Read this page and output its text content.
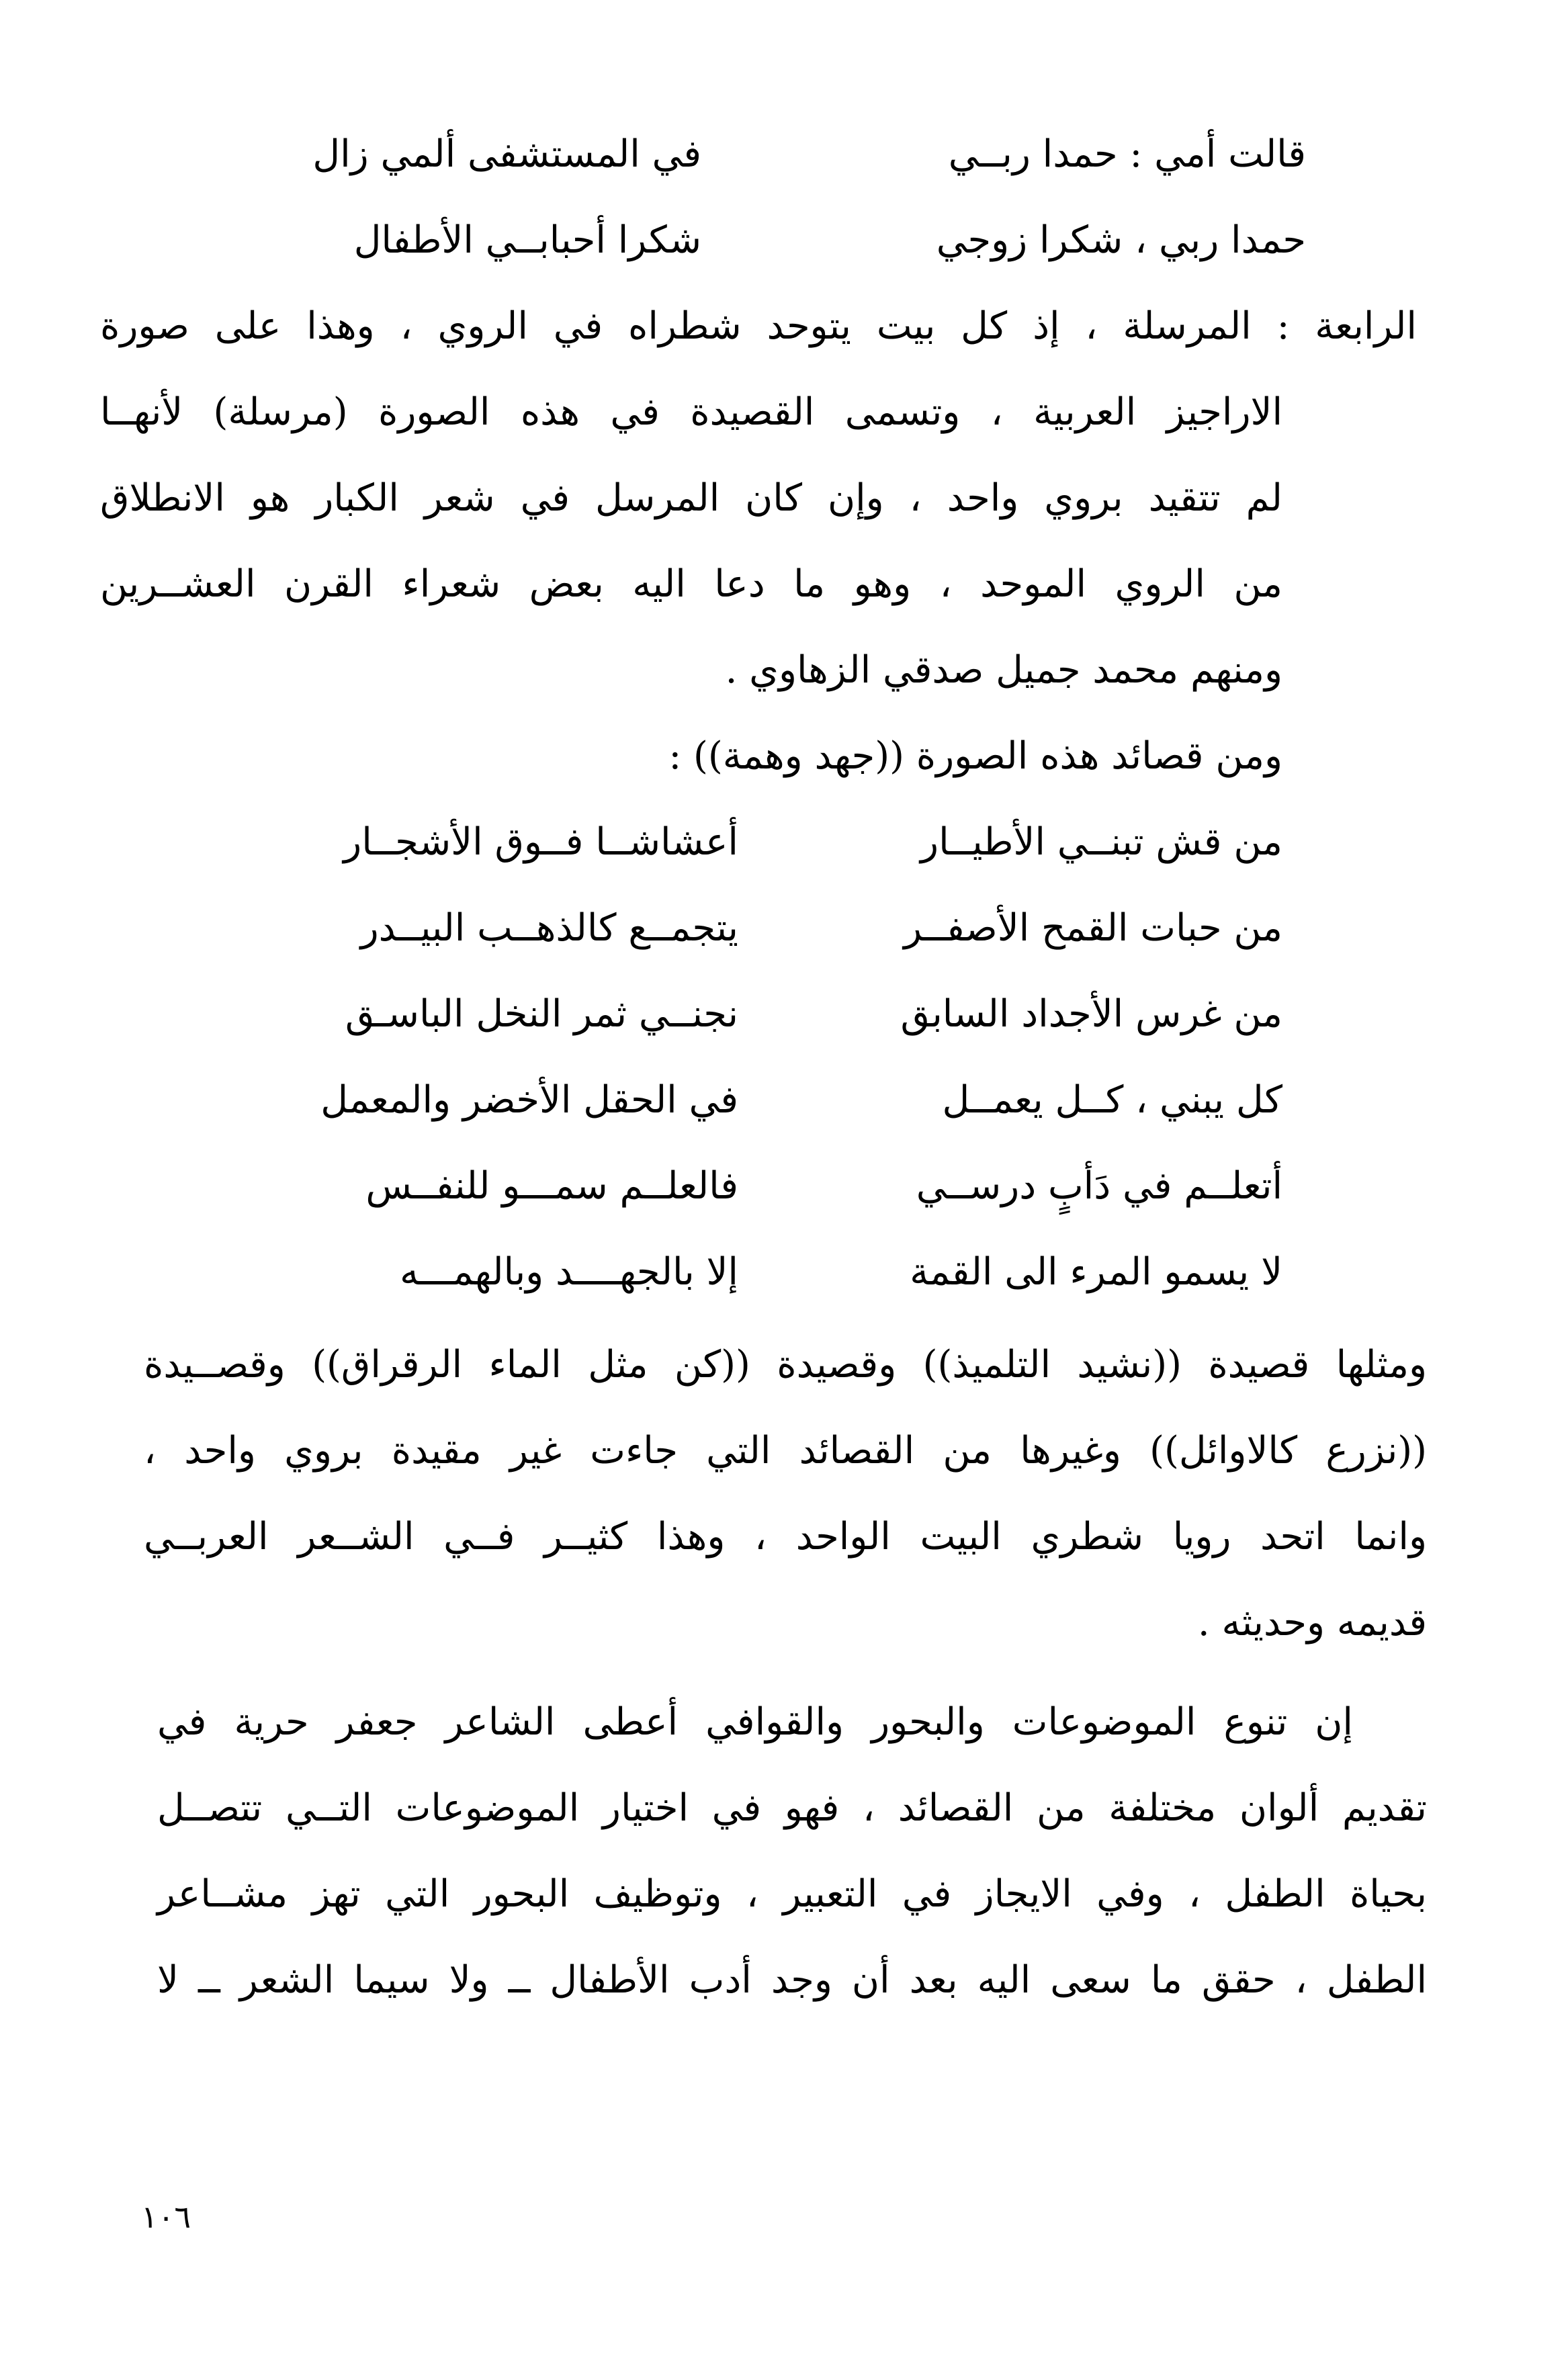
قالت أمي : حمدا ربــي
في المستشفى ألمي زال
حمدا ربي ، شكرا زوجي
شكرا أحبابــي الأطفال
الرابعة : المرسلة ، إذ كل بيت يتوحد شطراه في الروي ، وهذا على صورة
الاراجيز العربية ، وتسمى القصيدة في هذه الصورة (مرسلة) لأنهــا
لم تتقيد بروي واحد ، وإن كان المرسل في شعر الكبار هو الانطلاق
من الروي الموحد ، وهو ما دعا اليه بعض شعراء القرن العشــرين
ومنهم محمد جميل صدقي الزهاوي .
ومن قصائد هذه الصورة ((جهد وهمة)) :
من قش تبنــي الأطيــار
أعشاشــا فــوق الأشجــار
من حبات القمح الأصفــر
يتجمــع كالذهــب البيــدر
من غرس الأجداد السابق
نجنــي ثمر النخل الباسـق
كل يبني ، كــل يعمــل
في الحقل الأخضر والمعمل
أتعلــم في دَأبٍ درســي
فالعلــم سمـــو للنفــس
لا يسمو المرء الى القمة
إلا بالجهــــد وبالهمـــه
ومثلها قصيدة ((نشيد التلميذ)) وقصيدة ((كن مثل الماء الرقراق)) وقصــيدة
((نزرع كالاوائل)) وغيرها من القصائد التي جاءت غير مقيدة بروي واحد ،
وانما اتحد رويا شطري البيت الواحد ، وهذا كثيــر فــي الشــعر العربــي
قديمه وحديثه .
إن تنوع الموضوعات والبحور والقوافي أعطى الشاعر جعفر حرية في
تقديم ألوان مختلفة من القصائد ، فهو في اختيار الموضوعات التــي تتصــل
بحياة الطفل ، وفي الايجاز في التعبير ، وتوظيف البحور التي تهز مشــاعر
الطفل ، حقق ما سعى اليه بعد أن وجد أدب الأطفال ــ ولا سيما الشعر ــ لا
١٠٦
